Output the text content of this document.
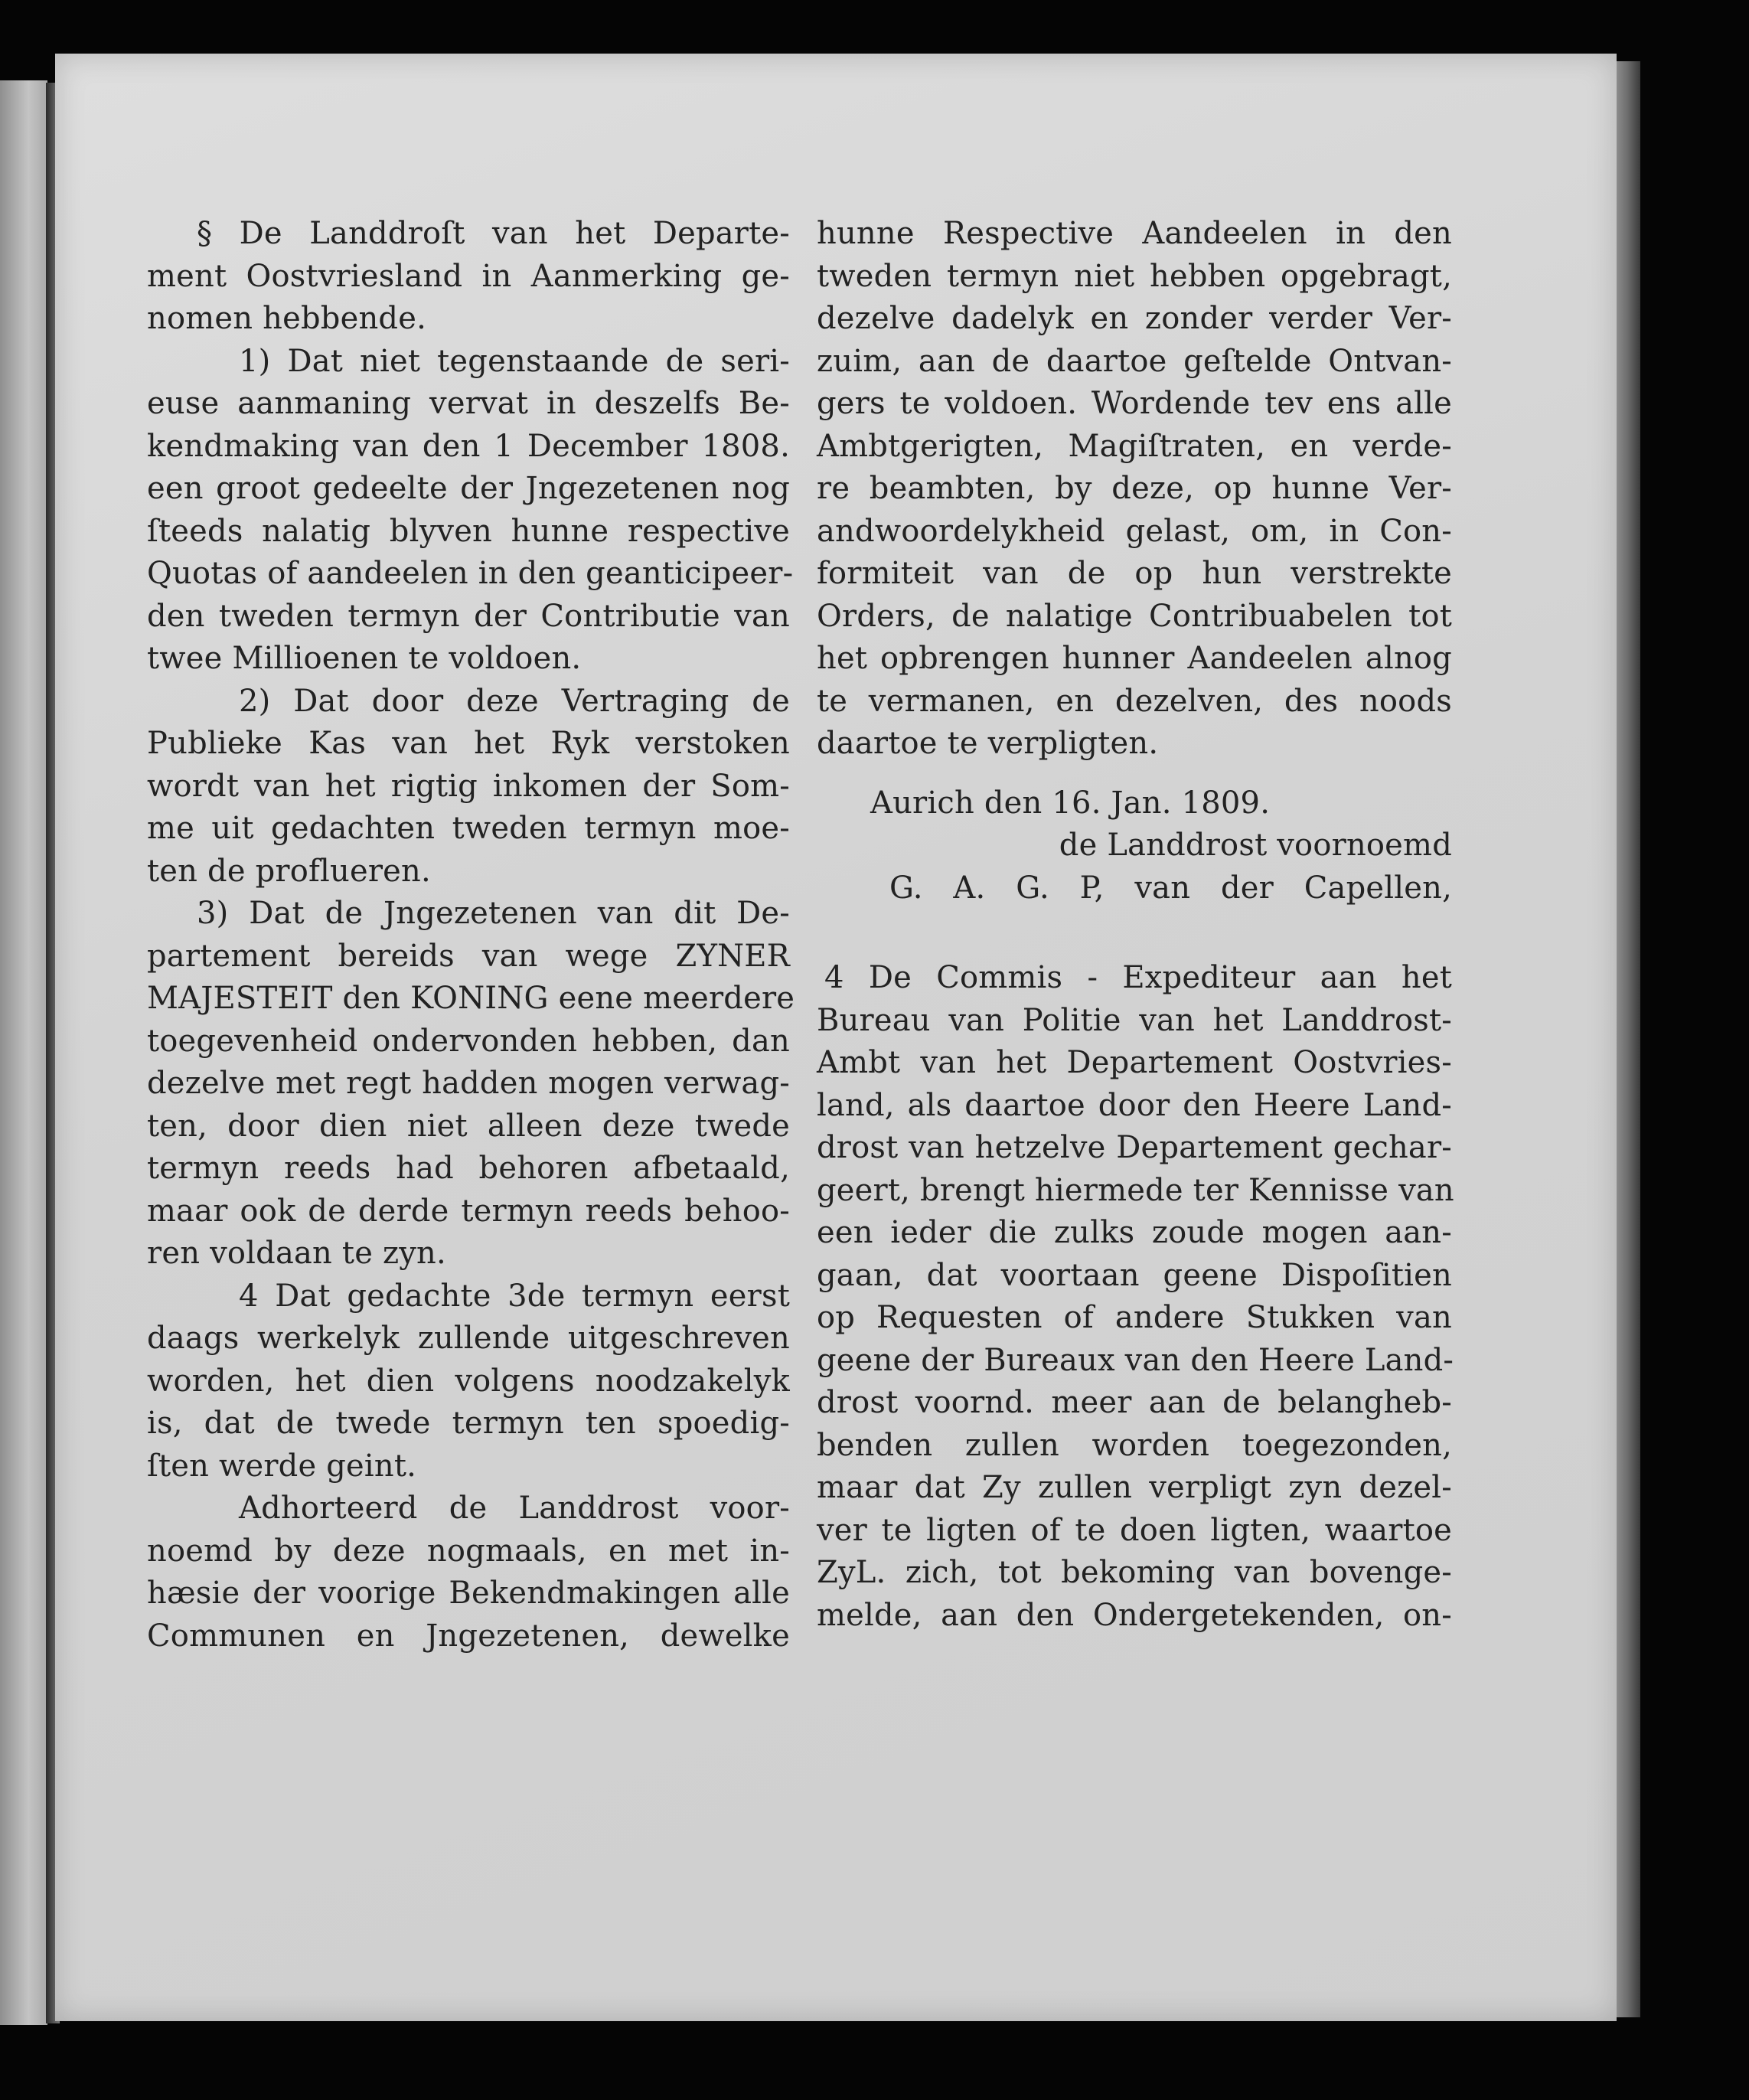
§ De Landdroſt van het Departe-
ment Oostvriesland in Aanmerking ge-
nomen hebbende.
1) Dat niet tegenstaande de seri-
euse aanmaning vervat in deszelfs Be-
kendmaking van den 1 December 1808.
een groot gedeelte der Jngezetenen nog
ſteeds nalatig blyven hunne respective
Quotas of aandeelen in den geanticipeer-
den tweden termyn der Contributie van
twee Millioenen te voldoen.
2) Dat door deze Vertraging de
Publieke Kas van het Ryk verstoken
wordt van het rigtig inkomen der Som-
me uit gedachten tweden termyn moe-
ten de proflueren.
3) Dat de Jngezetenen van dit De-
partement bereids van wege ZYNER
MAJESTEIT den KONING eene meerdere
toegevenheid ondervonden hebben, dan
dezelve met regt hadden mogen verwag-
ten, door dien niet alleen deze twede
termyn reeds had behoren afbetaald,
maar ook de derde termyn reeds behoo-
ren voldaan te zyn.
4 Dat gedachte 3de termyn eerst
daags werkelyk zullende uitgeschreven
worden, het dien volgens noodzakelyk
is, dat de twede termyn ten spoedig-
ſten werde geint.
Adhorteerd de Landdrost voor-
noemd by deze nogmaals, en met in-
hæsie der voorige Bekendmakingen alle
Communen en Jngezetenen, dewelke
hunne Respective Aandeelen in den
tweden termyn niet hebben opgebragt,
dezelve dadelyk en zonder verder Ver-
zuim, aan de daartoe geſtelde Ontvan-
gers te voldoen. Wordende tev ens alle
Ambtgerigten, Magiſtraten, en verde-
re beambten, by deze, op hunne Ver-
andwoordelykheid gelast, om, in Con-
formiteit van de op hun verstrekte
Orders, de nalatige Contribuabelen tot
het opbrengen hunner Aandeelen alnog
te vermanen, en dezelven, des noods
daartoe te verpligten.
Aurich den 16. Jan. 1809.
de Landdrost voornoemd
G. A. G. P, van der Capellen,
4 De Commis - Expediteur aan het
Bureau van Politie van het Landdrost-
Ambt van het Departement Oostvries-
land, als daartoe door den Heere Land-
drost van hetzelve Departement gechar-
geert, brengt hiermede ter Kennisse van
een ieder die zulks zoude mogen aan-
gaan, dat voortaan geene Dispoſitien
op Requesten of andere Stukken van
geene der Bureaux van den Heere Land-
drost voornd. meer aan de belangheb-
benden zullen worden toegezonden,
maar dat Zy zullen verpligt zyn dezel-
ver te ligten of te doen ligten, waartoe
ZyL. zich, tot bekoming van bovenge-
melde, aan den Ondergetekenden, on-
